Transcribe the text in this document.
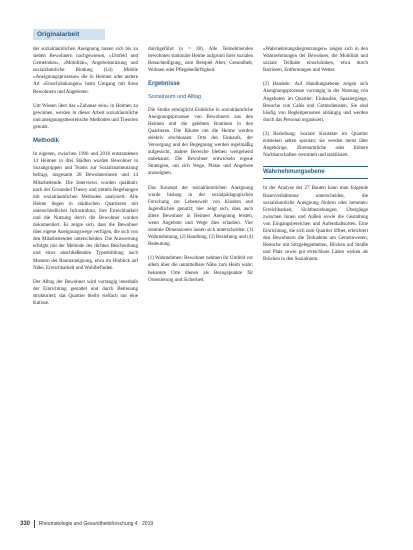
Originalarbeit

der sozialräumlichen Aneignung lassen sich bis zu sieben Bewohnern nachgewiesen, »Umfeld und Gemeinden«, »Mobilität«, Angebotsnutzung und sozialräumliche Bindung (Ld) Mobile »Aneignungsprozesse« die in Heimen oder andere Art »Einschränkungen« beim Umgang mit ihren Bewohnern und Angeboten.

Um Wissen über das »Zuhause sein« in Heimen zu gewinnen, werden in dieser Arbeit sozialräumliche und aneignungstheoretische Methoden und Theorien genutzt.

Methodik

In eigenen, zwischen 1996 und 2016 entstandenen 14 Heimen in drei Städten wurden Bewohner in Sozialgruppen und Teams zur Sozialraumnutzung befragt, insgesamt 28 Bewohnerinnen und 14 Mitarbeitende. Die Interviews wurden qualitativ nach der Grounded Theory und mittels Begehungen mit sozialräumlichen Methoden analysiert. Alle Heime liegen in städtischen Quartieren mit unterschiedlicher Infrastruktur, ihre Erreichbarkeit und die Nutzung durch die Bewohner wurden dokumentiert. Es zeigte sich, dass die Bewohner über eigene Aneignungswege verfügen, die sich von den Mitarbeitenden unterscheiden. Die Auswertung erfolgte mit der Methode der dichten Beschreibung und einer anschließenden Typenbildung nach Mustern der Raumaneignung, etwa im Hinblick auf Nähe, Erreichbarkeit und Wohlbefinden.

Der Alltag der Bewohner wird vorrangig innerhalb der Einrichtung gestaltet und durch Betreuung strukturiert; das Quartier bleibt vielfach nur eine Kulisse.

durchgeführt (n = 38). Alle Teilnehmenden bewohnten stationäre Heime aufgrund ihrer sozialen Benachteiligung, zum Beispiel Alter, Gesundheit, Wohnen oder Pflegebedürftigkeit.

Ergebnisse
Sozialraum und Alltag

Die Studie ermöglicht Einblicke in sozialräumliche Aneignungsprozesse von Bewohnern aus den Heimen und die gelebten Routinen in den Quartieren. Die Räume um die Heime werden selektiv erschlossen: Orte des Einkaufs, der Versorgung und der Begegnung werden regelmäßig aufgesucht, andere Bereiche bleiben weitgehend unbekannt. Die Bewohner entwickeln eigene Strategien, um sich Wege, Plätze und Angebote anzueignen.

Das Konzept der sozialräumlichen Aneignung wurde bislang in der sozialpädagogischen Forschung zur Lebenswelt von Kindern und Jugendlichen genutzt; hier zeigt sich, dass auch ältere Bewohner in Heimen Aneignung leisten, wenn Angebote und Wege dies erlauben. Vier zentrale Dimensionen lassen sich unterscheiden: (1) Wahrnehmung, (2) Handlung, (3) Beziehung und (4) Bedeutung.

(1) Wahrnehmen: Bewohner nehmen ihr Umfeld vor allem über die unmittelbare Nähe zum Heim wahr; bekannte Orte dienen als Bezugspunkte für Orientierung und Sicherheit.

»Wahrnehmungsbegrenzungen« zeigen sich in den Wahrnehmungen der Bewohner, die Mobilität und soziale Teilhabe einschränken, etwa durch Barrieren, Entfernungen und Wetter.

(2) Handeln: Auf Handlungsebene zeigen sich Aneignungsprozesse vorrangig in der Nutzung von Angeboten im Quartier: Einkaufen, Spaziergänge, Besuche von Cafés und Gottesdiensten. Sie sind häufig von Begleitpersonen abhängig und werden durch das Personal organisiert.

(3) Beziehung: Soziale Kontakte im Quartier entstehen selten spontan; sie werden meist über Angehörige, Ehrenamtliche oder frühere Nachbarschaften vermittelt und stabilisiert.

Wahrnehmungsebene

In der Analyse der 27 Bauten kann man folgende Raumverhältnisse unterscheiden, die sozialräumliche Aneignung fördern oder hemmen: Erreichbarkeit, Sichtbeziehungen, Übergänge zwischen Innen und Außen sowie die Gestaltung von Eingangsbereichen und Aufenthaltsorten. Eine Einrichtung, die sich zum Quartier öffnet, erleichtert den Bewohnern die Teilnahme am Gemeinwesen; Bereiche mit Sitzgelegenheiten, Blicken auf Straße und Platz sowie gut erreichbare Läden wirken als Brücken in den Sozialraum.

330 Rheumatologie und Gesundheitsforschung 4 · 2019
